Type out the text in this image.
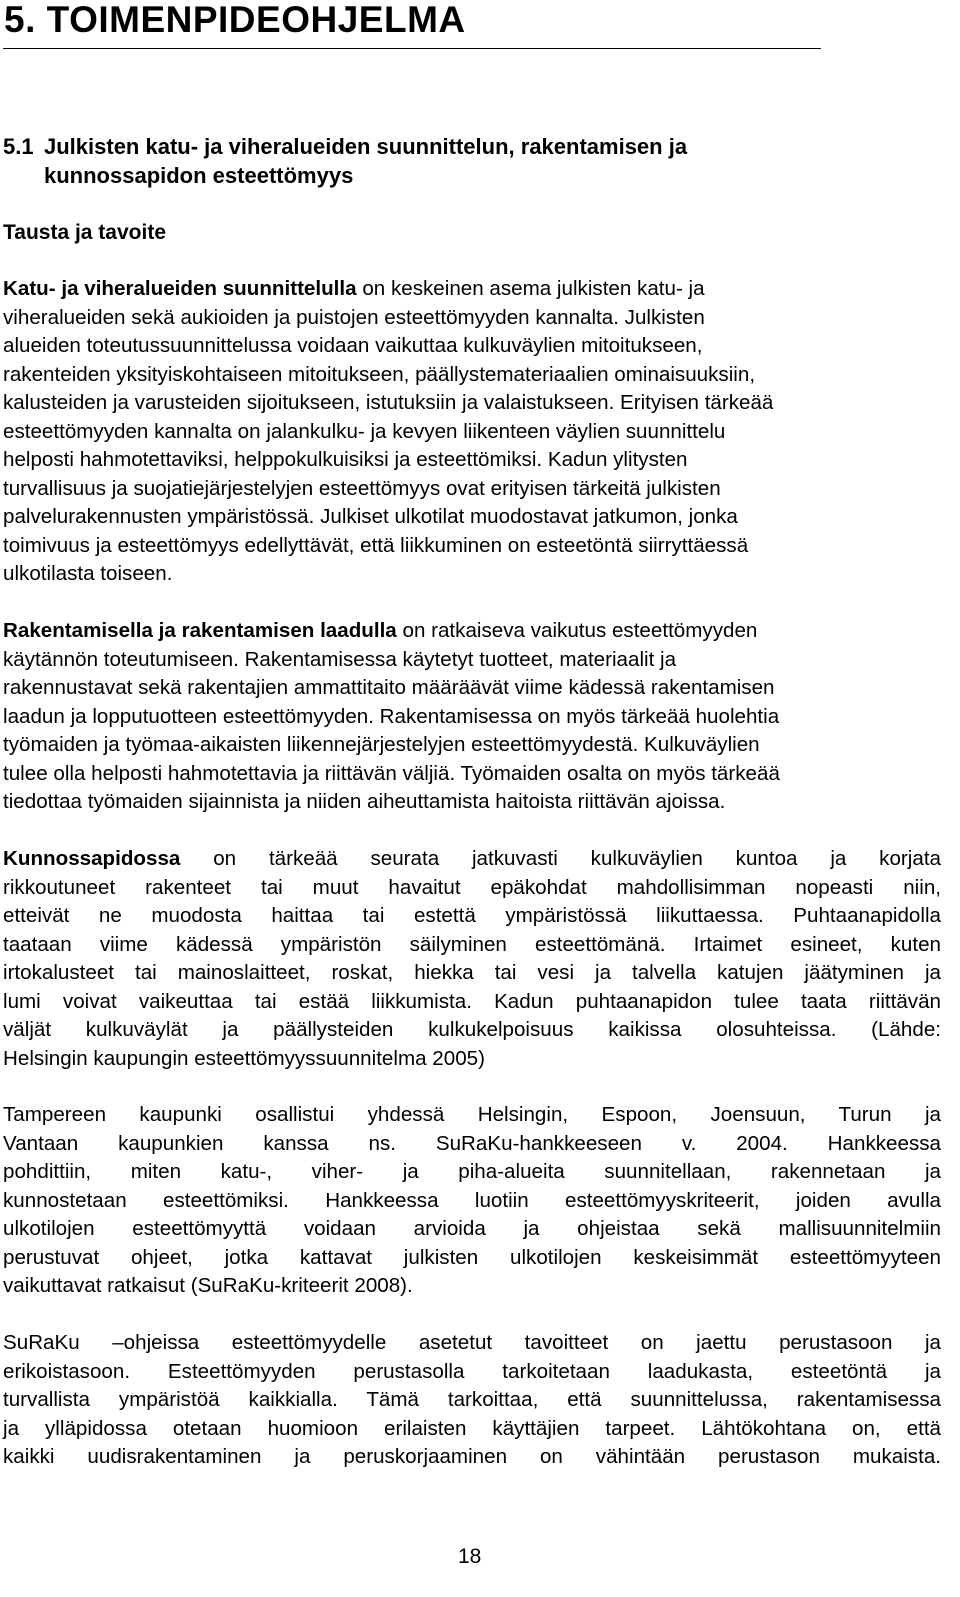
5. TOIMENPIDEOHJELMA
5.1 Julkisten katu- ja viheralueiden suunnittelun, rakentamisen ja
kunnossapidon esteettömyys
Tausta ja tavoite
Katu- ja viheralueiden suunnittelulla on keskeinen asema julkisten katu- ja
viheralueiden sekä aukioiden ja puistojen esteettömyyden kannalta. Julkisten
alueiden toteutussuunnittelussa voidaan vaikuttaa kulkuväylien mitoitukseen,
rakenteiden yksityiskohtaiseen mitoitukseen, päällystemateriaalien ominaisuuksiin,
kalusteiden ja varusteiden sijoitukseen, istutuksiin ja valaistukseen. Erityisen tärkeää
esteettömyyden kannalta on jalankulku- ja kevyen liikenteen väylien suunnittelu
helposti hahmotettaviksi, helppokulkuisiksi ja esteettömiksi. Kadun ylitysten
turvallisuus ja suojatiejärjestelyjen esteettömyys ovat erityisen tärkeitä julkisten
palvelurakennusten ympäristössä. Julkiset ulkotilat muodostavat jatkumon, jonka
toimivuus ja esteettömyys edellyttävät, että liikkuminen on esteetöntä siirryttäessä
ulkotilasta toiseen.
Rakentamisella ja rakentamisen laadulla on ratkaiseva vaikutus esteettömyyden
käytännön toteutumiseen. Rakentamisessa käytetyt tuotteet, materiaalit ja
rakennustavat sekä rakentajien ammattitaito määräävät viime kädessä rakentamisen
laadun ja lopputuotteen esteettömyyden. Rakentamisessa on myös tärkeää huolehtia
työmaiden ja työmaa-aikaisten liikennejärjestelyjen esteettömyydestä. Kulkuväylien
tulee olla helposti hahmotettavia ja riittävän väljiä. Työmaiden osalta on myös tärkeää
tiedottaa työmaiden sijainnista ja niiden aiheuttamista haitoista riittävän ajoissa.
Kunnossapidossa on tärkeää seurata jatkuvasti kulkuväylien kuntoa ja korjata
rikkoutuneet rakenteet tai muut havaitut epäkohdat mahdollisimman nopeasti niin,
etteivät ne muodosta haittaa tai estettä ympäristössä liikuttaessa. Puhtaanapidolla
taataan viime kädessä ympäristön säilyminen esteettömänä. Irtaimet esineet, kuten
irtokalusteet tai mainoslaitteet, roskat, hiekka tai vesi ja talvella katujen jäätyminen ja
lumi voivat vaikeuttaa tai estää liikkumista. Kadun puhtaanapidon tulee taata riittävän
väljät kulkuväylät ja päällysteiden kulkukelpoisuus kaikissa olosuhteissa. (Lähde:
Helsingin kaupungin esteettömyyssuunnitelma 2005)
Tampereen kaupunki osallistui yhdessä Helsingin, Espoon, Joensuun, Turun ja
Vantaan kaupunkien kanssa ns. SuRaKu-hankkeeseen v. 2004. Hankkeessa
pohdittiin, miten katu-, viher- ja piha-alueita suunnitellaan, rakennetaan ja
kunnostetaan esteettömiksi. Hankkeessa luotiin esteettömyyskriteerit, joiden avulla
ulkotilojen esteettömyyttä voidaan arvioida ja ohjeistaa sekä mallisuunnitelmiin
perustuvat ohjeet, jotka kattavat julkisten ulkotilojen keskeisimmät esteettömyyteen
vaikuttavat ratkaisut (SuRaKu-kriteerit 2008).
SuRaKu –ohjeissa esteettömyydelle asetetut tavoitteet on jaettu perustasoon ja
erikoistasoon. Esteettömyyden perustasolla tarkoitetaan laadukasta, esteetöntä ja
turvallista ympäristöä kaikkialla. Tämä tarkoittaa, että suunnittelussa, rakentamisessa
ja ylläpidossa otetaan huomioon erilaisten käyttäjien tarpeet. Lähtökohtana on, että
kaikki uudisrakentaminen ja peruskorjaaminen on vähintään perustason mukaista.
18
